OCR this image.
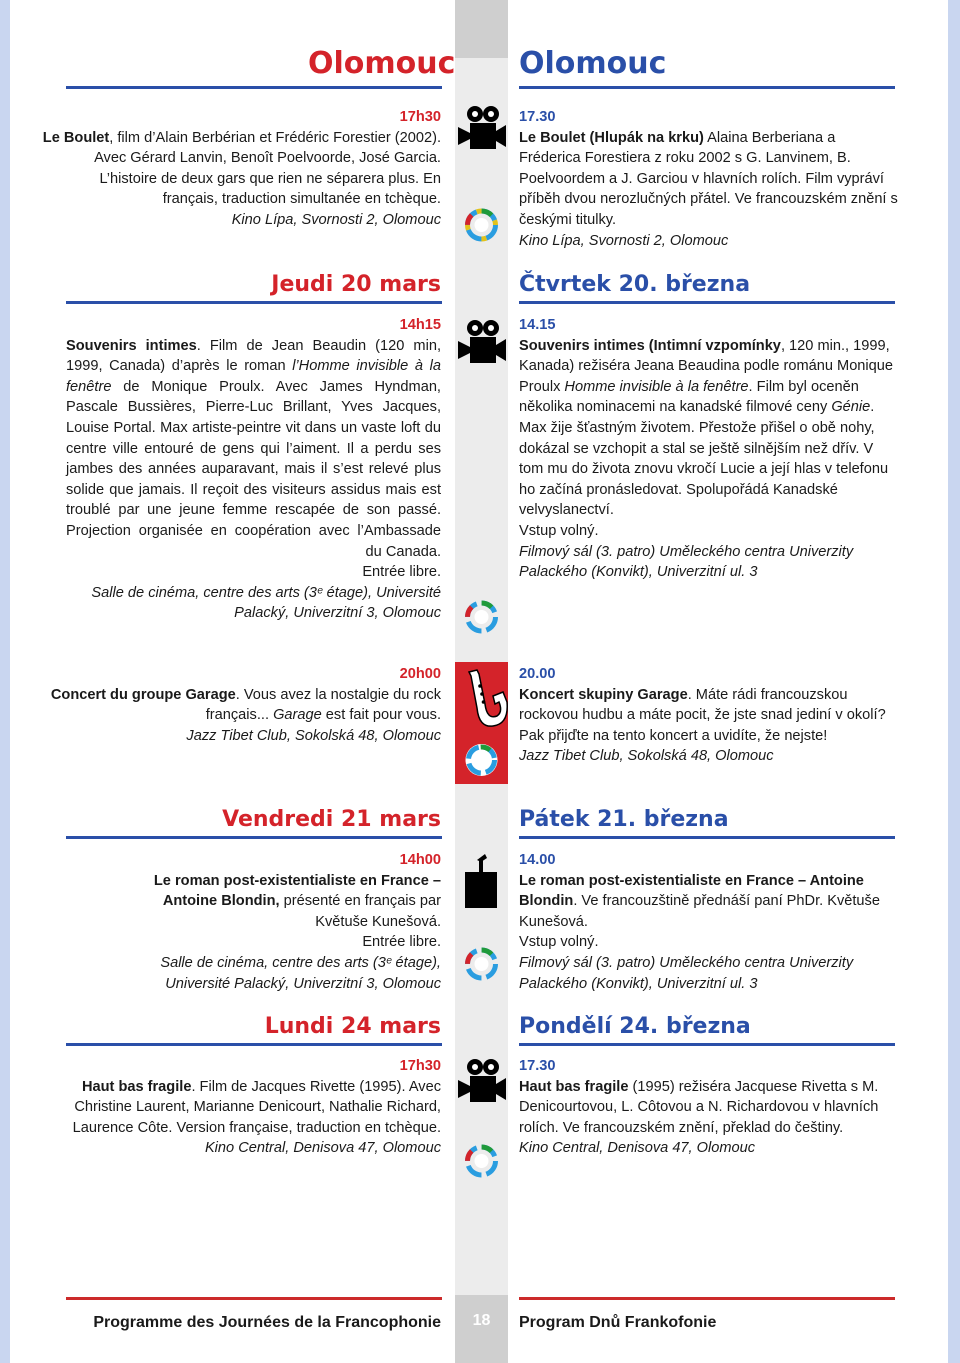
Olomouc Olomouc
17h30
Le Boulet, film d’Alain Berbérian et Frédéric Forestier (2002). Avec Gérard Lanvin, Benoît Poelvoorde, José Garcia. L’histoire de deux gars que rien ne séparera plus. En français, traduction simultanée en tchèque.
Kino Lípa, Svornosti 2, Olomouc
17.30
Le Boulet (Hlupák na krku) Alaina Berberiana a Fréderica Forestiera z roku 2002 s G. Lanvinem, B. Poelvoordem a J. Garciou v hlavních rolích. Film vypráví příběh dvou nerozlučných přátel. Ve francouzském znění s českými titulky.
Kino Lípa, Svornosti 2, Olomouc
Jeudi 20 mars	Čtvrtek 20. března
14h15
Souvenirs intimes. Film de Jean Beaudin (120 min, 1999, Canada) d’après le roman l’Homme invisible à la fenêtre de Monique Proulx. Avec James Hyndman, Pascale Bussières, Pierre-Luc Brillant, Yves Jacques, Louise Portal. Max artiste-peintre vit dans un vaste loft du centre ville entouré de gens qui l’aiment. Il a perdu ses jambes des années auparavant, mais il s’est relevé plus solide que jamais. Il reçoit des visiteurs assidus mais est troublé par une jeune femme rescapée de son passé. Projection organisée en coopération avec l’Ambassade du Canada.
Entrée libre.
Salle de cinéma, centre des arts (3ᵉ étage), Université Palacký, Univerzitní 3, Olomouc
14.15
Souvenirs intimes (Intimní vzpomínky, 120 min., 1999, Kanada) režiséra Jeana Beaudina podle románu Monique Proulx Homme invisible à la fenêtre. Film byl oceněn několika nominacemi na kanadské filmové ceny Génie. Max žije šťastným životem. Přestože přišel o obě nohy, dokázal se vzchopit a stal se ještě silnějším než dřív. V tom mu do života znovu vkročí Lucie a její hlas v telefonu ho začíná pronásledovat. Spolupořádá Kanadské velvyslanectví.
Vstup volný.
Filmový sál (3. patro) Uměleckého centra Univerzity Palackého (Konvikt), Univerzitní ul. 3
20h00
Concert du groupe Garage. Vous avez la nostalgie du rock français... Garage est fait pour vous.
Jazz Tibet Club, Sokolská 48, Olomouc
20.00
Koncert skupiny Garage. Máte rádi francouzskou rockovou hudbu a máte pocit, že jste snad jediní v okolí? Pak přijďte na tento koncert a uvidíte, že nejste!
Jazz Tibet Club, Sokolská 48, Olomouc
Vendredi 21 mars	Pátek 21. března
14h00
Le roman post-existentialiste en France – Antoine Blondin, présenté en français par Květuše Kunešová.
Entrée libre.
Salle de cinéma, centre des arts (3ᵉ étage), Université Palacký, Univerzitní 3, Olomouc
14.00
Le roman post-existentialiste en France – Antoine Blondin. Ve francouzštině přednáší paní PhDr. Květuše Kunešová.
Vstup volný.
Filmový sál (3. patro) Uměleckého centra Univerzity Palackého (Konvikt), Univerzitní ul. 3
Lundi 24 mars	Pondělí 24. března
17h30
Haut bas fragile. Film de Jacques Rivette (1995). Avec Christine Laurent, Marianne Denicourt, Nathalie Richard, Laurence Côte. Version française, traduction en tchèque.
Kino Central, Denisova 47, Olomouc
17.30
Haut bas fragile (1995) režiséra Jacquese Rivetta s M. Denicourtovou, L. Côtovou a N. Richardovou v hlavních rolích. Ve francouzském znění, překlad do češtiny.
Kino Central, Denisova 47, Olomouc
Programme des Journées de la Francophonie	18	Program Dnů Frankofonie
